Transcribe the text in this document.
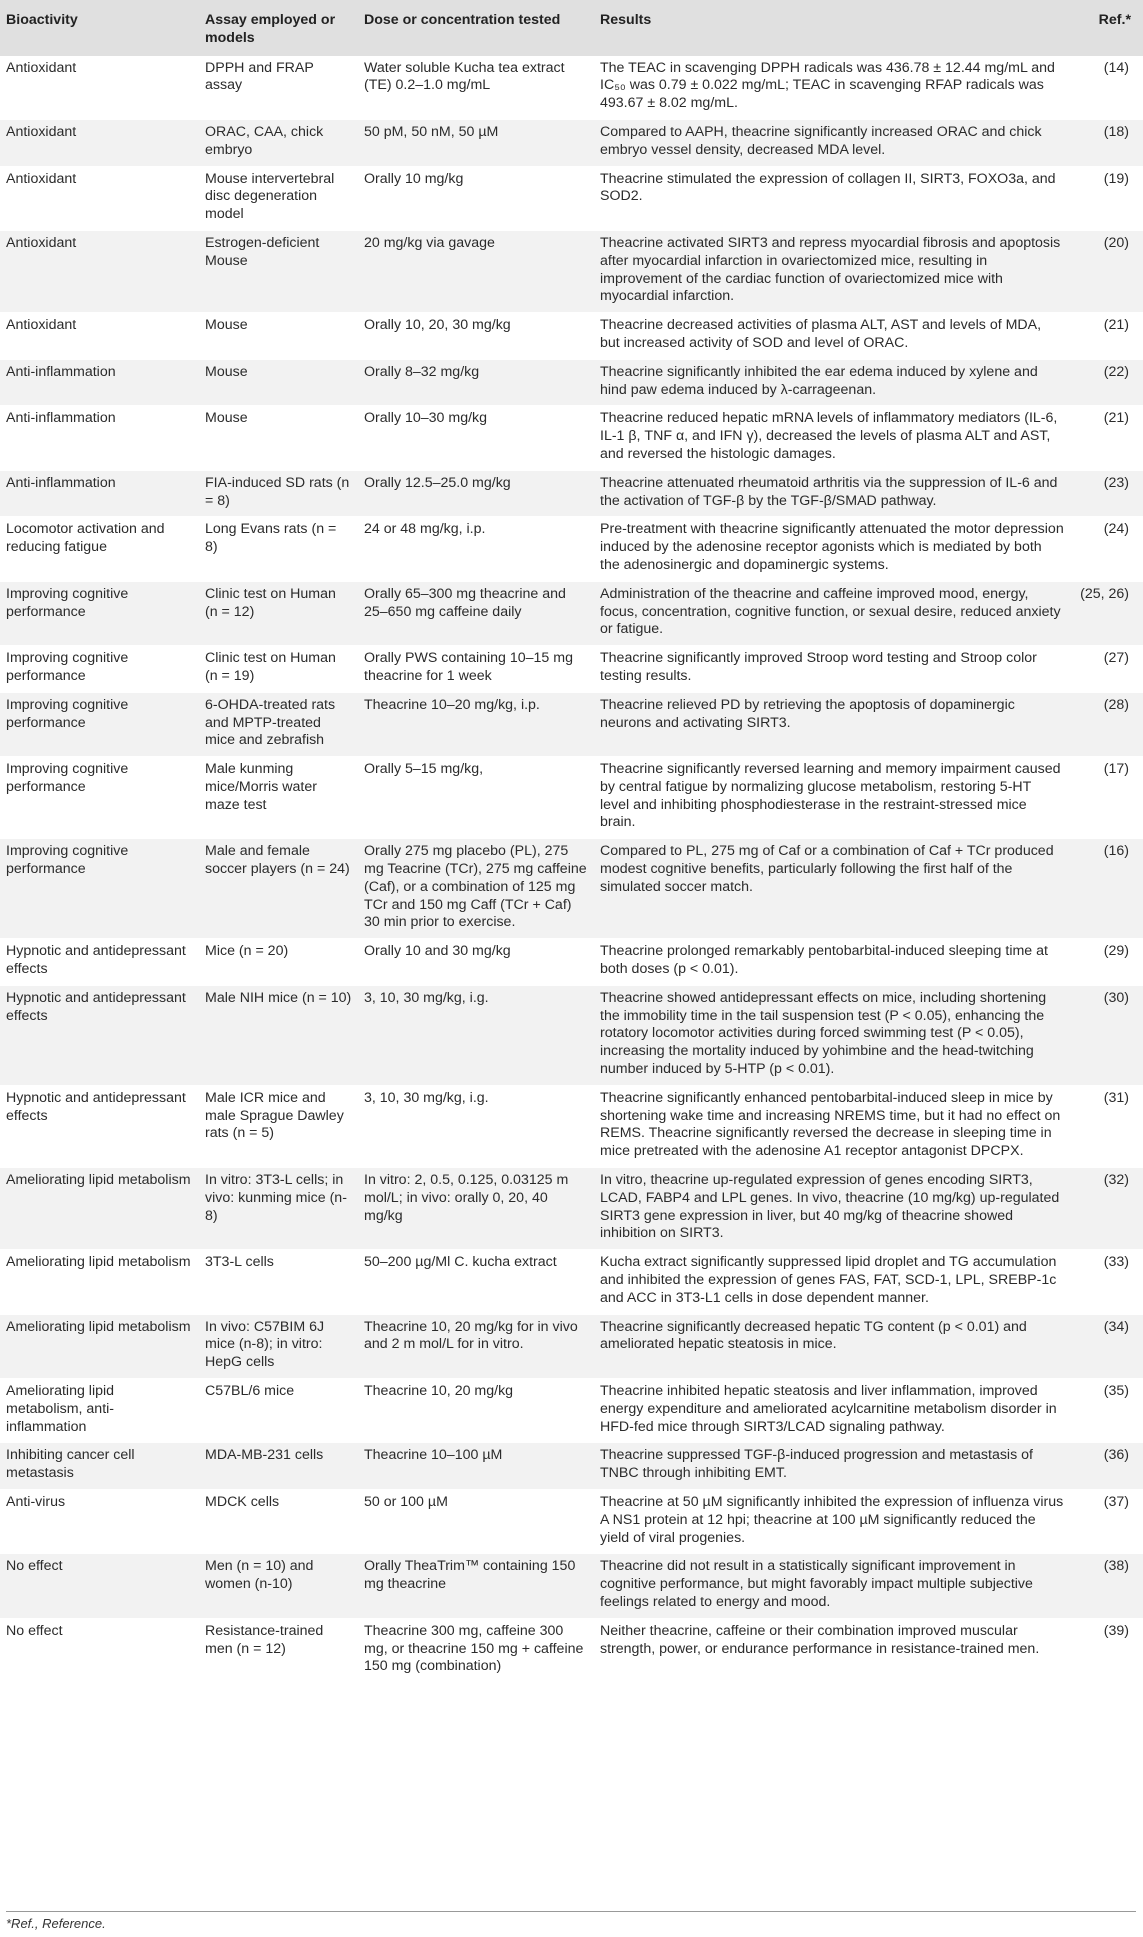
Bioactivity	Assay employed or models	Dose or concentration tested	Results	Ref.*
Antioxidant	DPPH and FRAP assay	Water soluble Kucha tea extract (TE) 0.2–1.0 mg/mL	The TEAC in scavenging DPPH radicals was 436.78 ± 12.44 mg/mL and IC₅₀ was 0.79 ± 0.022 mg/mL; TEAC in scavenging RFAP radicals was 493.67 ± 8.02 mg/mL.	(14)
Antioxidant	ORAC, CAA, chick embryo	50 pM, 50 nM, 50 µM	Compared to AAPH, theacrine significantly increased ORAC and chick embryo vessel density, decreased MDA level.	(18)
Antioxidant	Mouse intervertebral disc degeneration model	Orally 10 mg/kg	Theacrine stimulated the expression of collagen II, SIRT3, FOXO3a, and SOD2.	(19)
Antioxidant	Estrogen-deficient Mouse	20 mg/kg via gavage	Theacrine activated SIRT3 and repress myocardial fibrosis and apoptosis after myocardial infarction in ovariectomized mice, resulting in improvement of the cardiac function of ovariectomized mice with myocardial infarction.	(20)
Antioxidant	Mouse	Orally 10, 20, 30 mg/kg	Theacrine decreased activities of plasma ALT, AST and levels of MDA, but increased activity of SOD and level of ORAC.	(21)
Anti-inflammation	Mouse	Orally 8–32 mg/kg	Theacrine significantly inhibited the ear edema induced by xylene and hind paw edema induced by λ-carrageenan.	(22)
Anti-inflammation	Mouse	Orally 10–30 mg/kg	Theacrine reduced hepatic mRNA levels of inflammatory mediators (IL-6, IL-1 β, TNF α, and IFN γ), decreased the levels of plasma ALT and AST, and reversed the histologic damages.	(21)
Anti-inflammation	FIA-induced SD rats (n = 8)	Orally 12.5–25.0 mg/kg	Theacrine attenuated rheumatoid arthritis via the suppression of IL-6 and the activation of TGF-β by the TGF-β/SMAD pathway.	(23)
Locomotor activation and reducing fatigue	Long Evans rats (n = 8)	24 or 48 mg/kg, i.p.	Pre-treatment with theacrine significantly attenuated the motor depression induced by the adenosine receptor agonists which is mediated by both the adenosinergic and dopaminergic systems.	(24)
Improving cognitive performance	Clinic test on Human (n = 12)	Orally 65–300 mg theacrine and 25–650 mg caffeine daily	Administration of the theacrine and caffeine improved mood, energy, focus, concentration, cognitive function, or sexual desire, reduced anxiety or fatigue.	(25, 26)
Improving cognitive performance	Clinic test on Human (n = 19)	Orally PWS containing 10–15 mg theacrine for 1 week	Theacrine significantly improved Stroop word testing and Stroop color testing results.	(27)
Improving cognitive performance	6-OHDA-treated rats and MPTP-treated mice and zebrafish	Theacrine 10–20 mg/kg, i.p.	Theacrine relieved PD by retrieving the apoptosis of dopaminergic neurons and activating SIRT3.	(28)
Improving cognitive performance	Male kunming mice/Morris water maze test	Orally 5–15 mg/kg,	Theacrine significantly reversed learning and memory impairment caused by central fatigue by normalizing glucose metabolism, restoring 5-HT level and inhibiting phosphodiesterase in the restraint-stressed mice brain.	(17)
Improving cognitive performance	Male and female soccer players (n = 24)	Orally 275 mg placebo (PL), 275 mg Teacrine (TCr), 275 mg caffeine (Caf), or a combination of 125 mg TCr and 150 mg Caff (TCr + Caf) 30 min prior to exercise.	Compared to PL, 275 mg of Caf or a combination of Caf + TCr produced modest cognitive benefits, particularly following the first half of the simulated soccer match.	(16)
Hypnotic and antidepressant effects	Mice (n = 20)	Orally 10 and 30 mg/kg	Theacrine prolonged remarkably pentobarbital-induced sleeping time at both doses (p < 0.01).	(29)
Hypnotic and antidepressant effects	Male NIH mice (n = 10)	3, 10, 30 mg/kg, i.g.	Theacrine showed antidepressant effects on mice, including shortening the immobility time in the tail suspension test (P < 0.05), enhancing the rotatory locomotor activities during forced swimming test (P < 0.05), increasing the mortality induced by yohimbine and the head-twitching number induced by 5-HTP (p < 0.01).	(30)
Hypnotic and antidepressant effects	Male ICR mice and male Sprague Dawley rats (n = 5)	3, 10, 30 mg/kg, i.g.	Theacrine significantly enhanced pentobarbital-induced sleep in mice by shortening wake time and increasing NREMS time, but it had no effect on REMS. Theacrine significantly reversed the decrease in sleeping time in mice pretreated with the adenosine A1 receptor antagonist DPCPX.	(31)
Ameliorating lipid metabolism	In vitro: 3T3-L cells; in vivo: kunming mice (n-8)	In vitro: 2, 0.5, 0.125, 0.03125 m mol/L; in vivo: orally 0, 20, 40 mg/kg	In vitro, theacrine up-regulated expression of genes encoding SIRT3, LCAD, FABP4 and LPL genes. In vivo, theacrine (10 mg/kg) up-regulated SIRT3 gene expression in liver, but 40 mg/kg of theacrine showed inhibition on SIRT3.	(32)
Ameliorating lipid metabolism	3T3-L cells	50–200 µg/Ml C. kucha extract	Kucha extract significantly suppressed lipid droplet and TG accumulation and inhibited the expression of genes FAS, FAT, SCD-1, LPL, SREBP-1c and ACC in 3T3-L1 cells in dose dependent manner.	(33)
Ameliorating lipid metabolism	In vivo: C57BIM 6J mice (n-8); in vitro: HepG cells	Theacrine 10, 20 mg/kg for in vivo and 2 m mol/L for in vitro.	Theacrine significantly decreased hepatic TG content (p < 0.01) and ameliorated hepatic steatosis in mice.	(34)
Ameliorating lipid metabolism, anti-inflammation	C57BL/6 mice	Theacrine 10, 20 mg/kg	Theacrine inhibited hepatic steatosis and liver inflammation, improved energy expenditure and ameliorated acylcarnitine metabolism disorder in HFD-fed mice through SIRT3/LCAD signaling pathway.	(35)
Inhibiting cancer cell metastasis	MDA-MB-231 cells	Theacrine 10–100 µM	Theacrine suppressed TGF-β-induced progression and metastasis of TNBC through inhibiting EMT.	(36)
Anti-virus	MDCK cells	50 or 100 µM	Theacrine at 50 µM significantly inhibited the expression of influenza virus A NS1 protein at 12 hpi; theacrine at 100 µM significantly reduced the yield of viral progenies.	(37)
No effect	Men (n = 10) and women (n-10)	Orally TheaTrim™ containing 150 mg theacrine	Theacrine did not result in a statistically significant improvement in cognitive performance, but might favorably impact multiple subjective feelings related to energy and mood.	(38)
No effect	Resistance-trained men (n = 12)	Theacrine 300 mg, caffeine 300 mg, or theacrine 150 mg + caffeine 150 mg (combination)	Neither theacrine, caffeine or their combination improved muscular strength, power, or endurance performance in resistance-trained men.	(39)
*Ref., Reference.
